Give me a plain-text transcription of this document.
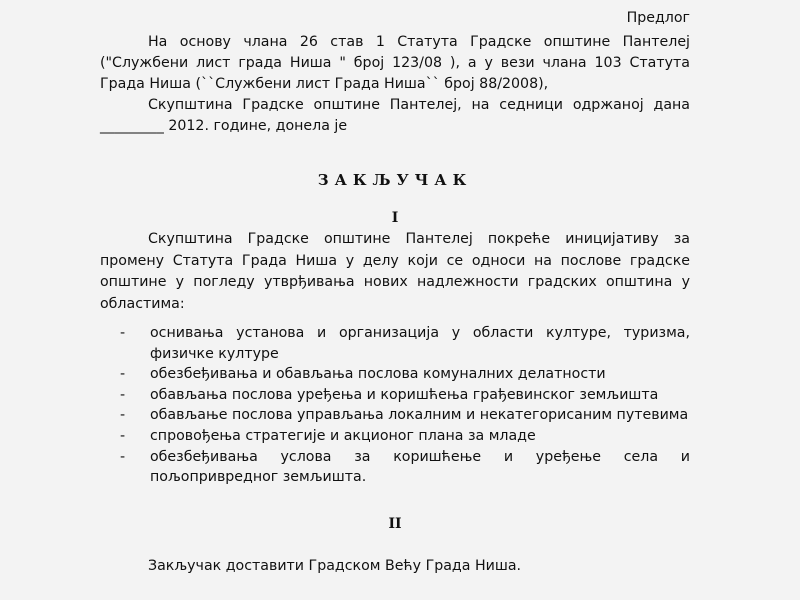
Предлог
На основу члана 26 став 1 Статута Градске општине Пантелеј
("Службени лист града Ниша " број 123/08 ), а у вези члана 103 Статута
Града Ниша (``Службени лист Града Ниша`` број 88/2008),
Скупштина Градске општине Пантелеј, на седници одржаној дана
_________ 2012. године, донела је
ЗАКЉУЧАК
I
Скупштина Градске општине Пантелеј покреће иницијативу за промену Статута Града Ниша у делу који се односи на послове градске општине у погледу утврђивања нових надлежности градских општина у областима:
- оснивања установа и организација у области културе, туризма, физичке културе
- обезбеђивања и обављања послова комуналних делатности
- обављања послова уређења и коришћења грађевинског земљишта
- обављање послова управљања локалним и некатегорисаним путевима
- спровођења стратегије и акционог плана за младе
- обезбеђивања услова за коришћење и уређење села и пољопривредног земљишта.
II
Закључак доставити Градском Већу Града Ниша.
